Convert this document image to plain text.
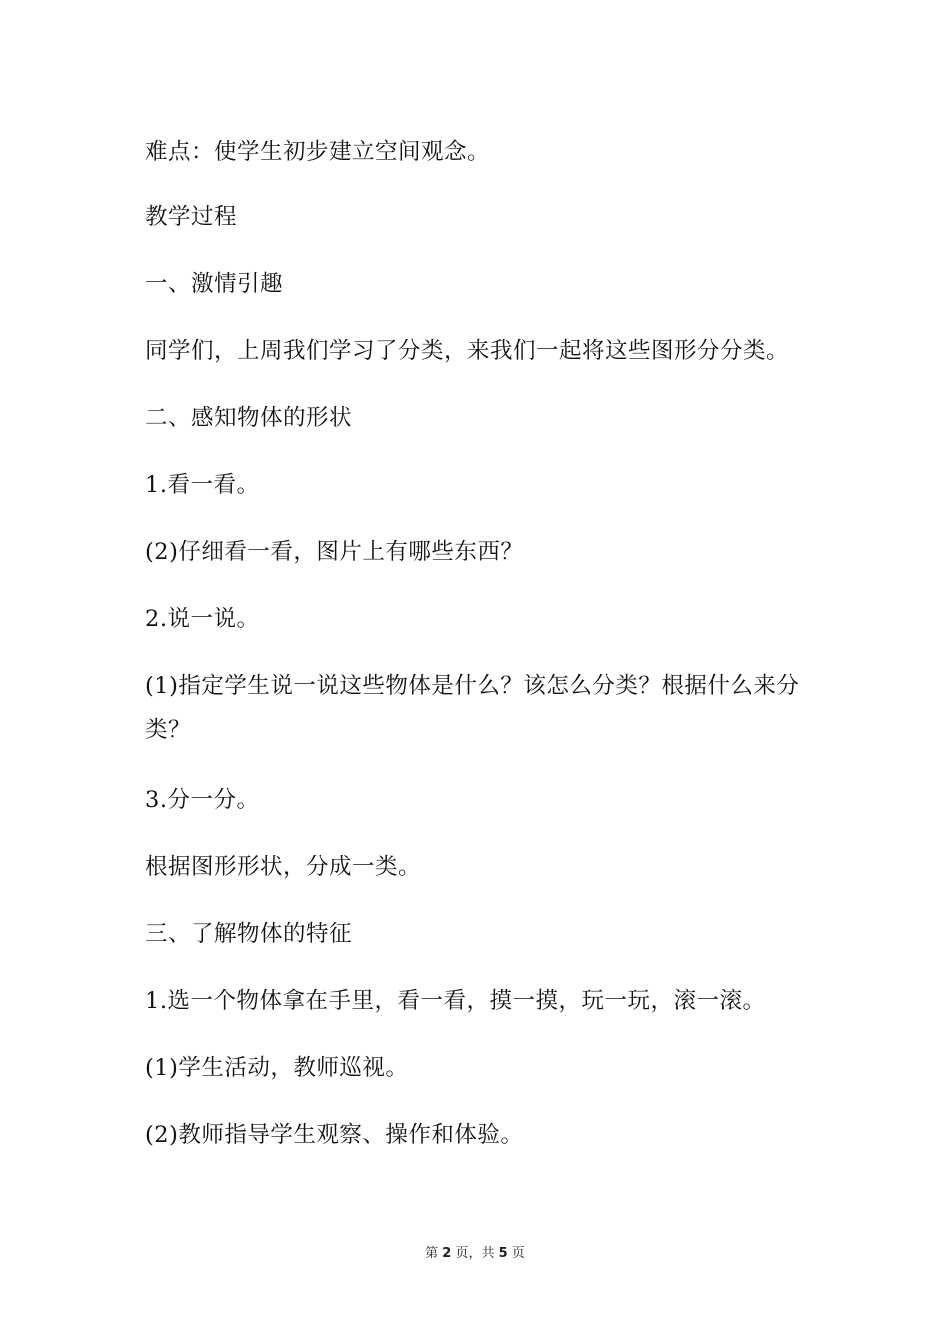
难点：使学生初步建立空间观念。

教学过程

一、激情引趣

同学们，上周我们学习了分类，来我们一起将这些图形分分类。

二、感知物体的形状

1.看一看。

(2)仔细看一看，图片上有哪些东西？

2.说一说。

(1)指定学生说一说这些物体是什么？该怎么分类？根据什么来分类？

3.分一分。

根据图形形状，分成一类。

三、了解物体的特征

1.选一个物体拿在手里，看一看，摸一摸，玩一玩，滚一滚。

(1)学生活动，教师巡视。

(2)教师指导学生观察、操作和体验。

第 2 页，共 5 页
